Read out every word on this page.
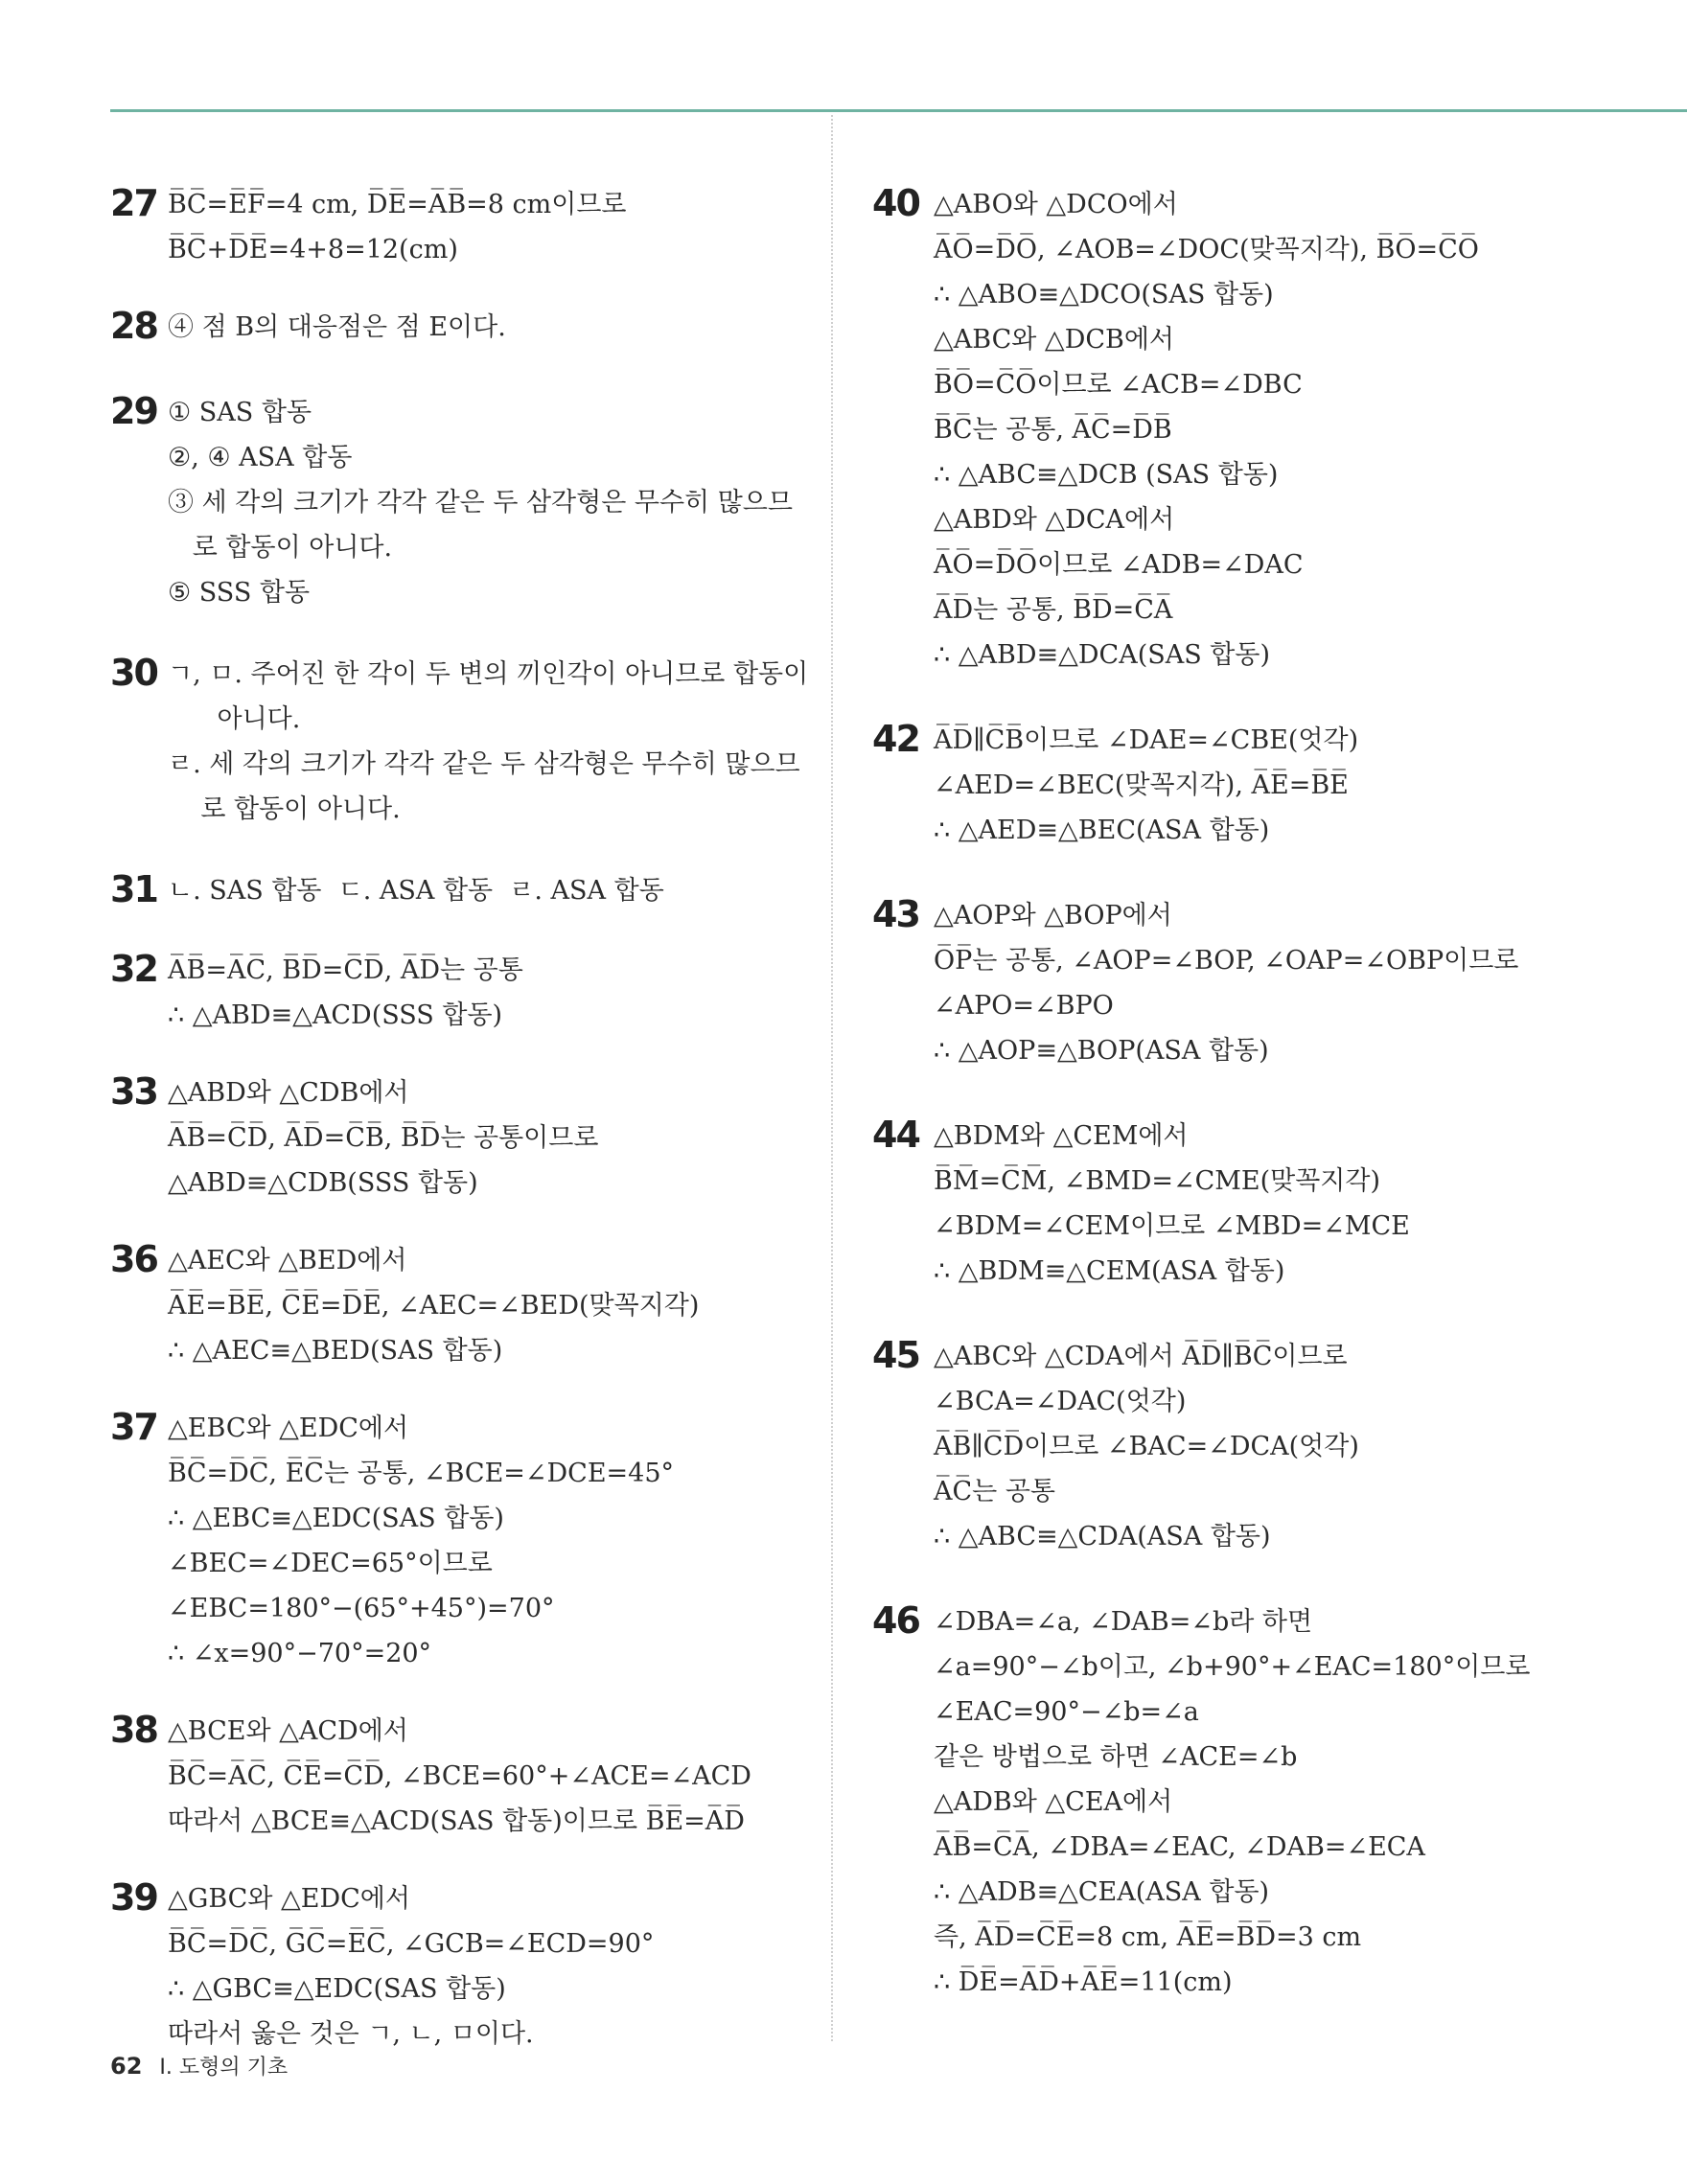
27 B̅C̅=E̅F̅=4 cm, D̅E̅=A̅B̅=8 cm이므로
B̅C̅+D̅E̅=4+8=12(cm)
28 ④ 점 B의 대응점은 점 E이다.
29 ① SAS 합동
②, ④ ASA 합동
③ 세 각의 크기가 각각 같은 두 삼각형은 무수히 많으므
로 합동이 아니다.
⑤ SSS 합동
30 ㄱ, ㅁ. 주어진 한 각이 두 변의 끼인각이 아니므로 합동이
아니다.
ㄹ. 세 각의 크기가 각각 같은 두 삼각형은 무수히 많으므
로 합동이 아니다.
31 ㄴ. SAS 합동  ㄷ. ASA 합동  ㄹ. ASA 합동
32 A̅B̅=A̅C̅, B̅D̅=C̅D̅, A̅D̅는 공통
∴ △ABD≡△ACD(SSS 합동)
33 △ABD와 △CDB에서
A̅B̅=C̅D̅, A̅D̅=C̅B̅, B̅D̅는 공통이므로
△ABD≡△CDB(SSS 합동)
36 △AEC와 △BED에서
A̅E̅=B̅E̅, C̅E̅=D̅E̅, ∠AEC=∠BED(맞꼭지각)
∴ △AEC≡△BED(SAS 합동)
37 △EBC와 △EDC에서
B̅C̅=D̅C̅, E̅C̅는 공통, ∠BCE=∠DCE=45°
∴ △EBC≡△EDC(SAS 합동)
∠BEC=∠DEC=65°이므로
∠EBC=180°−(65°+45°)=70°
∴ ∠x=90°−70°=20°
38 △BCE와 △ACD에서
B̅C̅=A̅C̅, C̅E̅=C̅D̅, ∠BCE=60°+∠ACE=∠ACD
따라서 △BCE≡△ACD(SAS 합동)이므로 B̅E̅=A̅D̅
39 △GBC와 △EDC에서
B̅C̅=D̅C̅, G̅C̅=E̅C̅, ∠GCB=∠ECD=90°
∴ △GBC≡△EDC(SAS 합동)
따라서 옳은 것은 ㄱ, ㄴ, ㅁ이다.
40 △ABO와 △DCO에서
A̅O̅=D̅O̅, ∠AOB=∠DOC(맞꼭지각), B̅O̅=C̅O̅
∴ △ABO≡△DCO(SAS 합동)
△ABC와 △DCB에서
B̅O̅=C̅O̅이므로 ∠ACB=∠DBC
B̅C̅는 공통, A̅C̅=D̅B̅
∴ △ABC≡△DCB (SAS 합동)
△ABD와 △DCA에서
A̅O̅=D̅O̅이므로 ∠ADB=∠DAC
A̅D̅는 공통, B̅D̅=C̅A̅
∴ △ABD≡△DCA(SAS 합동)
42 A̅D̅∥C̅B̅이므로 ∠DAE=∠CBE(엇각)
∠AED=∠BEC(맞꼭지각), A̅E̅=B̅E̅
∴ △AED≡△BEC(ASA 합동)
43 △AOP와 △BOP에서
O̅P̅는 공통, ∠AOP=∠BOP, ∠OAP=∠OBP이므로
∠APO=∠BPO
∴ △AOP≡△BOP(ASA 합동)
44 △BDM와 △CEM에서
B̅M̅=C̅M̅, ∠BMD=∠CME(맞꼭지각)
∠BDM=∠CEM이므로 ∠MBD=∠MCE
∴ △BDM≡△CEM(ASA 합동)
45 △ABC와 △CDA에서 A̅D̅∥B̅C̅이므로
∠BCA=∠DAC(엇각)
A̅B̅∥C̅D̅이므로 ∠BAC=∠DCA(엇각)
A̅C̅는 공통
∴ △ABC≡△CDA(ASA 합동)
46 ∠DBA=∠a, ∠DAB=∠b라 하면
∠a=90°−∠b이고, ∠b+90°+∠EAC=180°이므로
∠EAC=90°−∠b=∠a
같은 방법으로 하면 ∠ACE=∠b
△ADB와 △CEA에서
A̅B̅=C̅A̅, ∠DBA=∠EAC, ∠DAB=∠ECA
∴ △ADB≡△CEA(ASA 합동)
즉, A̅D̅=C̅E̅=8 cm, A̅E̅=B̅D̅=3 cm
∴ D̅E̅=A̅D̅+A̅E̅=11(cm)
62 Ⅰ. 도형의 기초
